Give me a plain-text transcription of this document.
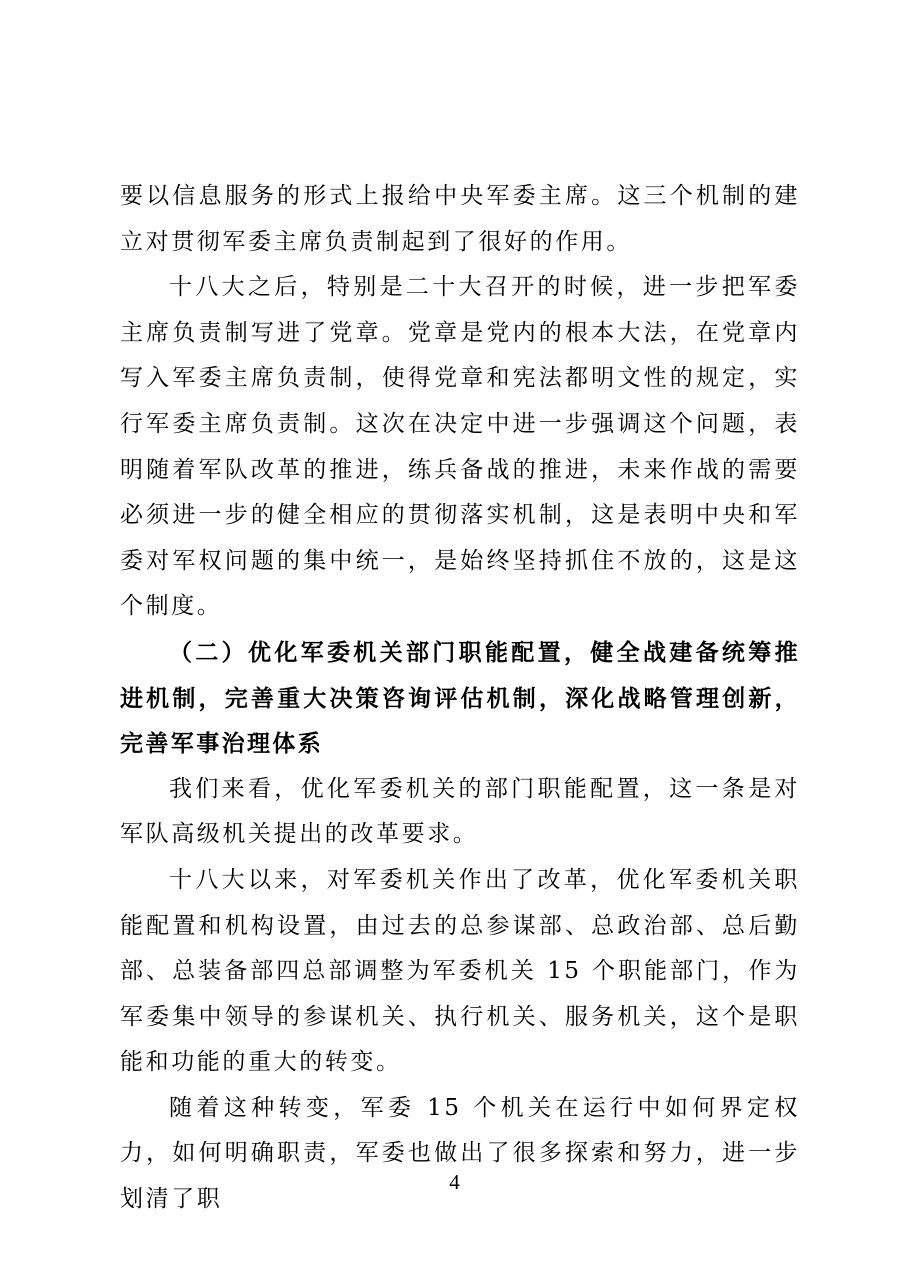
要以信息服务的形式上报给中央军委主席。这三个机制的建立对贯彻军委主席负责制起到了很好的作用。

十八大之后，特别是二十大召开的时候，进一步把军委主席负责制写进了党章。党章是党内的根本大法，在党章内写入军委主席负责制，使得党章和宪法都明文性的规定，实行军委主席负责制。这次在决定中进一步强调这个问题，表明随着军队改革的推进，练兵备战的推进，未来作战的需要必须进一步的健全相应的贯彻落实机制，这是表明中央和军委对军权问题的集中统一，是始终坚持抓住不放的，这是这个制度。

（二）优化军委机关部门职能配置，健全战建备统筹推进机制，完善重大决策咨询评估机制，深化战略管理创新，完善军事治理体系

我们来看，优化军委机关的部门职能配置，这一条是对军队高级机关提出的改革要求。

十八大以来，对军委机关作出了改革，优化军委机关职能配置和机构设置，由过去的总参谋部、总政治部、总后勤部、总装备部四总部调整为军委机关 15 个职能部门，作为军委集中领导的参谋机关、执行机关、服务机关，这个是职能和功能的重大的转变。

随着这种转变，军委 15 个机关在运行中如何界定权力，如何明确职责，军委也做出了很多探索和努力，进一步划清了职

4
